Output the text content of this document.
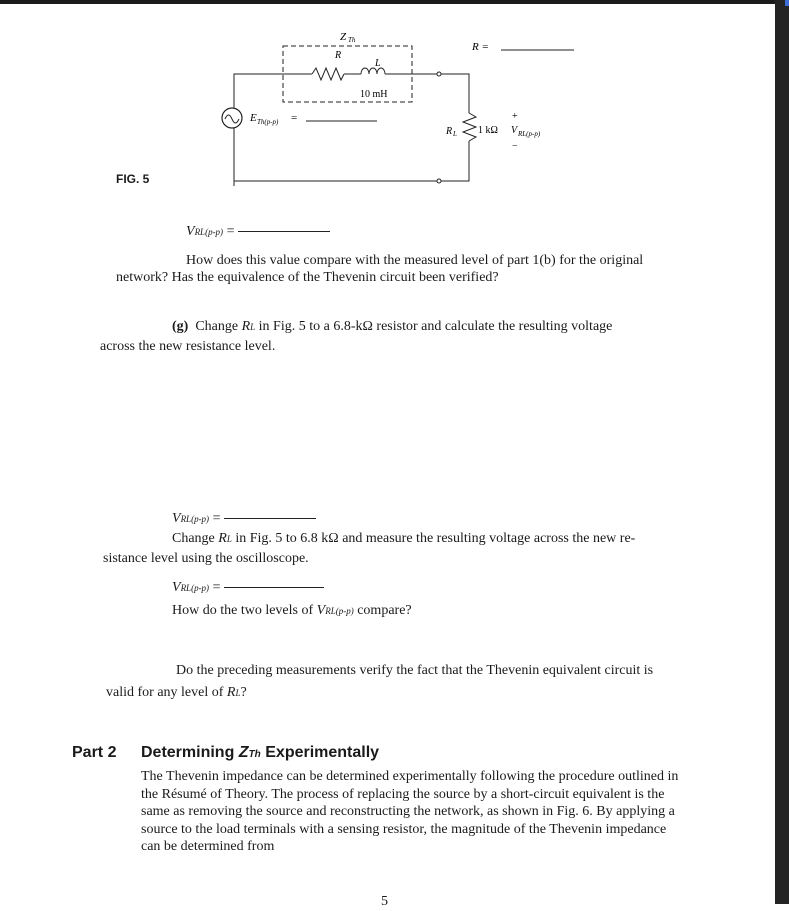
Z Th
R
L
10 mH
E Th(p-p) =
R =
R L 1 kΩ
+
V RL(p-p)
−
FIG. 5
VRL(p-p) =
How does this value compare with the measured level of part 1(b) for the original
network? Has the equivalence of the Thevenin circuit been verified?
(g) Change RL in Fig. 5 to a 6.8-kΩ resistor and calculate the resulting voltage
across the new resistance level.
VRL(p-p) =
Change RL in Fig. 5 to 6.8 kΩ and measure the resulting voltage across the new re-
sistance level using the oscilloscope.
VRL(p-p) =
How do the two levels of VRL(p-p) compare?
Do the preceding measurements verify the fact that the Thevenin equivalent circuit is
valid for any level of RL?
Part 2 Determining ZTh Experimentally
The Thevenin impedance can be determined experimentally following the procedure outlined in
the Résumé of Theory. The process of replacing the source by a short-circuit equivalent is the
same as removing the source and reconstructing the network, as shown in Fig. 6. By applying a
source to the load terminals with a sensing resistor, the magnitude of the Thevenin impedance
can be determined from
5
